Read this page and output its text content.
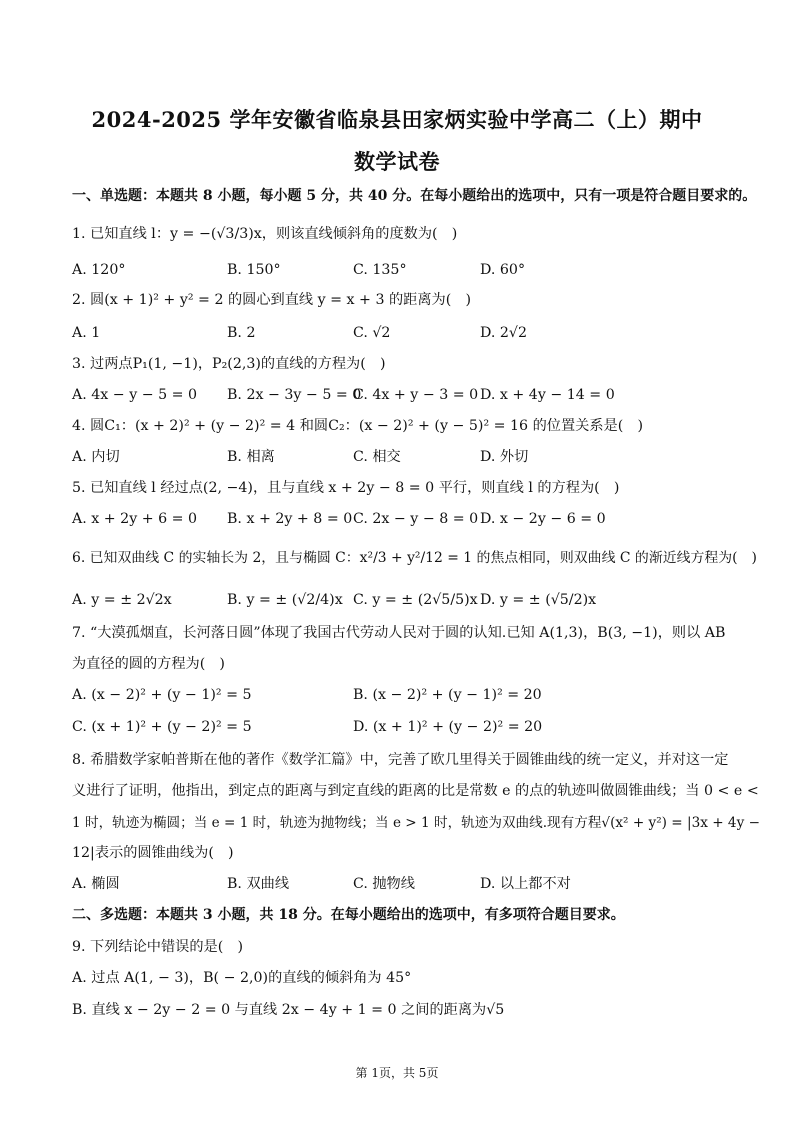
2024-2025 学年安徽省临泉县田家炳实验中学高二（上）期中
数学试卷
一、单选题：本题共 8 小题，每小题 5 分，共 40 分。在每小题给出的选项中，只有一项是符合题目要求的。
1. 已知直线 l：y = −(√3/3)x，则该直线倾斜角的度数为(　)
A. 120°	B. 150°	C. 135°	D. 60°
2. 圆(x + 1)² + y² = 2 的圆心到直线 y = x + 3 的距离为(　)
A. 1	B. 2	C. √2	D. 2√2
3. 过两点P₁(1, −1)，P₂(2,3)的直线的方程为(　)
A. 4x − y − 5 = 0 B. 2x − 3y − 5 = 0
C. 4x + y − 3 = 0 D. x + 4y − 14 = 0
4. 圆C₁：(x + 2)² + (y − 2)² = 4 和圆C₂：(x − 2)² + (y − 5)² = 16 的位置关系是(　)
A. 内切	B. 相离	C. 相交	D. 外切
5. 已知直线 l 经过点(2, −4)，且与直线 x + 2y − 8 = 0 平行，则直线 l 的方程为(　)
A. x + 2y + 6 = 0 B. x + 2y + 8 = 0 C. 2x − y − 8 = 0 D. x − 2y − 6 = 0
6. 已知双曲线 C 的实轴长为 2，且与椭圆 C：x²/3 + y²/12 = 1 的焦点相同，则双曲线 C 的渐近线方程为(　)
A. y = ± 2√2x	B. y = ± (√2/4)x C. y = ± (2√5/5)x D. y = ± (√5/2)x
7. “大漠孤烟直，长河落日圆”体现了我国古代劳动人民对于圆的认知.已知 A(1,3)，B(3, −1)，则以 AB
为直径的圆的方程为(　)
A. (x − 2)² + (y − 1)² = 5	B. (x − 2)² + (y − 1)² = 20
C. (x + 1)² + (y − 2)² = 5	D. (x + 1)² + (y − 2)² = 20
8. 希腊数学家帕普斯在他的著作《数学汇篇》中，完善了欧几里得关于圆锥曲线的统一定义，并对这一定
义进行了证明，他指出，到定点的距离与到定直线的距离的比是常数 e 的点的轨迹叫做圆锥曲线；当 0 < e <
1 时，轨迹为椭圆；当 e = 1 时，轨迹为抛物线；当 e > 1 时，轨迹为双曲线.现有方程√(x² + y²) = |3x + 4y −
12|表示的圆锥曲线为(　)
A. 椭圆	B. 双曲线	C. 抛物线	D. 以上都不对
二、多选题：本题共 3 小题，共 18 分。在每小题给出的选项中，有多项符合题目要求。
9. 下列结论中错误的是(　)
A. 过点 A(1, − 3)，B( − 2,0)的直线的倾斜角为 45°
B. 直线 x − 2y − 2 = 0 与直线 2x − 4y + 1 = 0 之间的距离为√5
第 1页，共 5页
